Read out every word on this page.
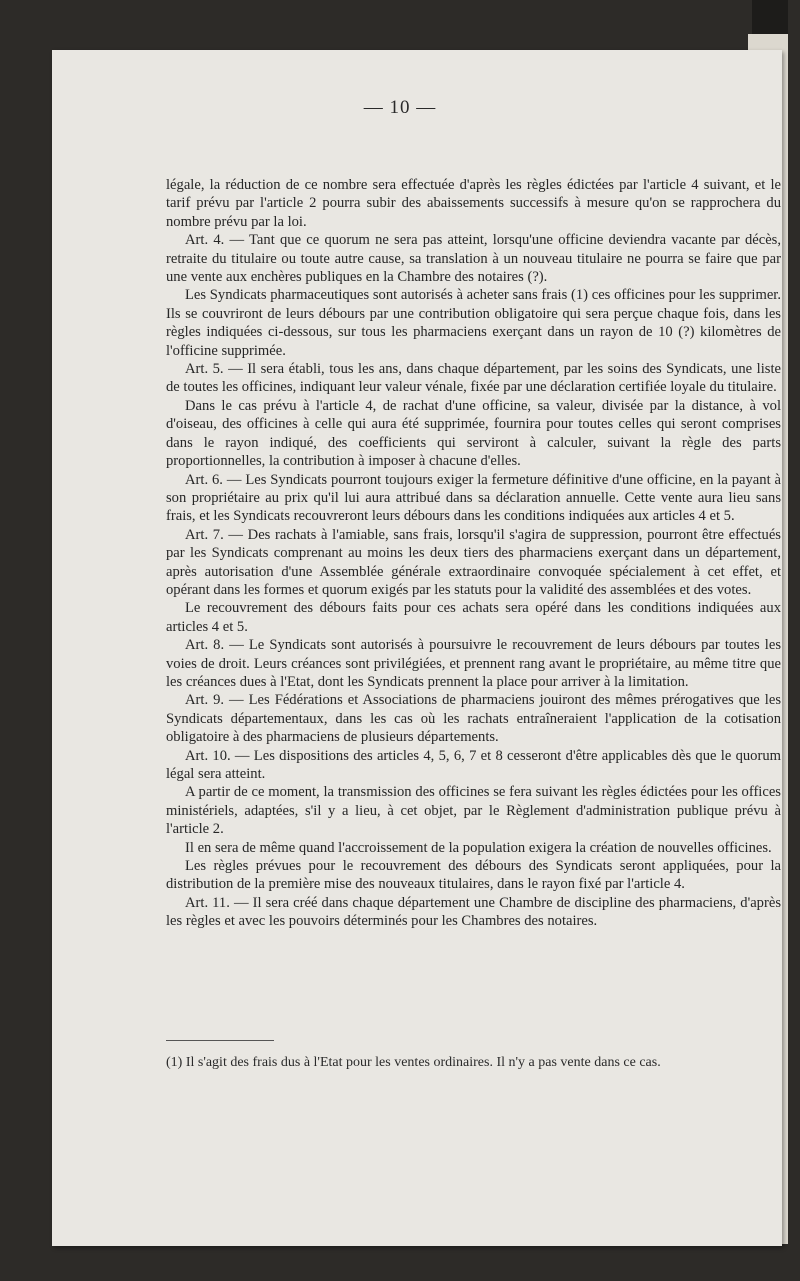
— 10 —

légale, la réduction de ce nombre sera effectuée d'après les règles édictées par l'article 4 suivant, et le tarif prévu par l'article 2 pourra subir des abaissements successifs à mesure qu'on se rapprochera du nombre prévu par la loi.

Art. 4. — Tant que ce quorum ne sera pas atteint, lorsqu'une officine deviendra vacante par décès, retraite du titulaire ou toute autre cause, sa translation à un nouveau titulaire ne pourra se faire que par une vente aux enchères publiques en la Chambre des notaires (?).

Les Syndicats pharmaceutiques sont autorisés à acheter sans frais (1) ces officines pour les supprimer. Ils se couvriront de leurs débours par une contribution obligatoire qui sera perçue chaque fois, dans les règles indiquées ci-dessous, sur tous les pharmaciens exerçant dans un rayon de 10 (?) kilomètres de l'officine supprimée.

Art. 5. — Il sera établi, tous les ans, dans chaque département, par les soins des Syndicats, une liste de toutes les officines, indiquant leur valeur vénale, fixée par une déclaration certifiée loyale du titulaire.

Dans le cas prévu à l'article 4, de rachat d'une officine, sa valeur, divisée par la distance, à vol d'oiseau, des officines à celle qui aura été supprimée, fournira pour toutes celles qui seront comprises dans le rayon indiqué, des coefficients qui serviront à calculer, suivant la règle des parts proportionnelles, la contribution à imposer à chacune d'elles.

Art. 6. — Les Syndicats pourront toujours exiger la fermeture définitive d'une officine, en la payant à son propriétaire au prix qu'il lui aura attribué dans sa déclaration annuelle. Cette vente aura lieu sans frais, et les Syndicats recouvreront leurs débours dans les conditions indiquées aux articles 4 et 5.

Art. 7. — Des rachats à l'amiable, sans frais, lorsqu'il s'agira de suppression, pourront être effectués par les Syndicats comprenant au moins les deux tiers des pharmaciens exerçant dans un département, après autorisation d'une Assemblée générale extraordinaire convoquée spécialement à cet effet, et opérant dans les formes et quorum exigés par les statuts pour la validité des assemblées et des votes.

Le recouvrement des débours faits pour ces achats sera opéré dans les conditions indiquées aux articles 4 et 5.

Art. 8. — Le Syndicats sont autorisés à poursuivre le recouvrement de leurs débours par toutes les voies de droit. Leurs créances sont privilégiées, et prennent rang avant le propriétaire, au même titre que les créances dues à l'Etat, dont les Syndicats prennent la place pour arriver à la limitation.

Art. 9. — Les Fédérations et Associations de pharmaciens jouiront des mêmes prérogatives que les Syndicats départementaux, dans les cas où les rachats entraîneraient l'application de la cotisation obligatoire à des pharmaciens de plusieurs départements.

Art. 10. — Les dispositions des articles 4, 5, 6, 7 et 8 cesseront d'être applicables dès que le quorum légal sera atteint.

A partir de ce moment, la transmission des officines se fera suivant les règles édictées pour les offices ministériels, adaptées, s'il y a lieu, à cet objet, par le Règlement d'administration publique prévu à l'article 2.

Il en sera de même quand l'accroissement de la population exigera la création de nouvelles officines.

Les règles prévues pour le recouvrement des débours des Syndicats seront appliquées, pour la distribution de la première mise des nouveaux titulaires, dans le rayon fixé par l'article 4.

Art. 11. — Il sera créé dans chaque département une Chambre de discipline des pharmaciens, d'après les règles et avec les pouvoirs déterminés pour les Chambres des notaires.

(1) Il s'agit des frais dus à l'Etat pour les ventes ordinaires. Il n'y a pas vente dans ce cas.
